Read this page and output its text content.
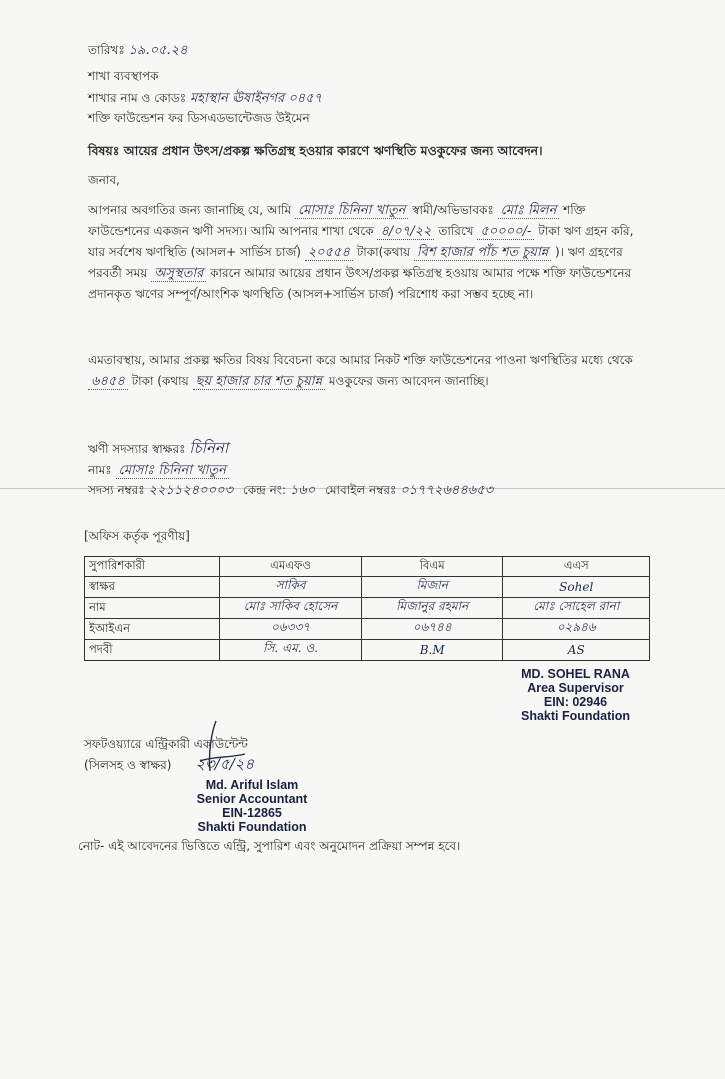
তারিখঃ ১৯.০৫.২৪
শাখা ব্যবস্থাপক
শাখার নাম ও কোডঃ মহাস্থান ঊষাইনগর ০৪৫৭
শক্তি ফাউন্ডেশন ফর ডিসএডভান্টেজড উইমেন
বিষয়ঃ আয়ের প্রধান উৎস/প্রকল্প ক্ষতিগ্রস্থ হওয়ার কারণে ঋণস্থিতি মওকুফের জন্য আবেদন।
জনাব,
আপনার অবগতির জন্য জানাচ্ছি যে, আমি মোসাঃ চিনিনা খাতুন স্বামী/অভিভাবকঃ মোঃ মিলন শক্তি ফাউন্ডেশনের একজন ঋণী সদস্য। আমি আপনার শাখা থেকে ৪/০৭/২২ তারিখে ৫০০০০/- টাকা ঋণ গ্রহন করি, যার সর্বশেষ ঋণস্থিতি (আসল+ সার্ভিস চার্জ) ২০৫৫৪ টাকা(কথায় বিশ হাজার পাঁচ শত চুয়ান্ন )। ঋণ গ্রহণের পরবর্তী সময় অসুস্থতার কারনে আমার আয়ের প্রধান উৎস/প্রকল্প ক্ষতিগ্রস্থ হওয়ায় আমার পক্ষে শক্তি ফাউন্ডেশনের প্রদানকৃত ঋণের সম্পূর্ণ/আংশিক ঋণস্থিতি (আসল+সার্ভিস চার্জ) পরিশোধ করা সম্ভব হচ্ছে না।
এমতাবস্থায়, আমার প্রকল্প ক্ষতির বিষয় বিবেচনা করে আমার নিকট শক্তি ফাউন্ডেশনের পাওনা ঋণস্থিতির মধ্যে থেকে ৬৪৫৪ টাকা (কথায় ছয় হাজার চার শত চুয়ান্ন মওকুফের জন্য আবেদন জানাচ্ছি।
ঋণী সদস্যার স্বাক্ষরঃ চিনিনা
নামঃ মোসাঃ চিনিনা খাতুন
সদস্য নম্বরঃ ২২১১২৪০০০৩ কেন্দ্র নং: ১৬০ মোবাইল নম্বরঃ ০১৭৭২৬৪৪৬৫৩
[অফিস কর্তৃক পূরণীয়]
সুপারিশকারী	এমএফও	বিএম	এএস
স্বাক্ষর	সাকিব	মিজান	Sohel
নাম	মোঃ সাকিব হোসেন	মিজানুর রহমান	মোঃ সোহেল রানা
ইআইএন	০৬৩৩৭	০৬৭৪৪	০২৯৪৬
পদবী	সি. এম. ও.	B.M	AS
MD. SOHEL RANA
Area Supervisor
EIN: 02946
Shakti Foundation
সফটওয়্যারে এন্ট্রিকারী একাউন্টেন্ট
(সিলসহ ও স্বাক্ষর) ২৩/৫/২৪
Md. Ariful Islam
Senior Accountant
EIN-12865
Shakti Foundation
নোট- এই আবেদনের ভিত্তিতে এন্ট্রি, সুপারিশ এবং অনুমোদন প্রক্রিয়া সম্পন্ন হবে।
